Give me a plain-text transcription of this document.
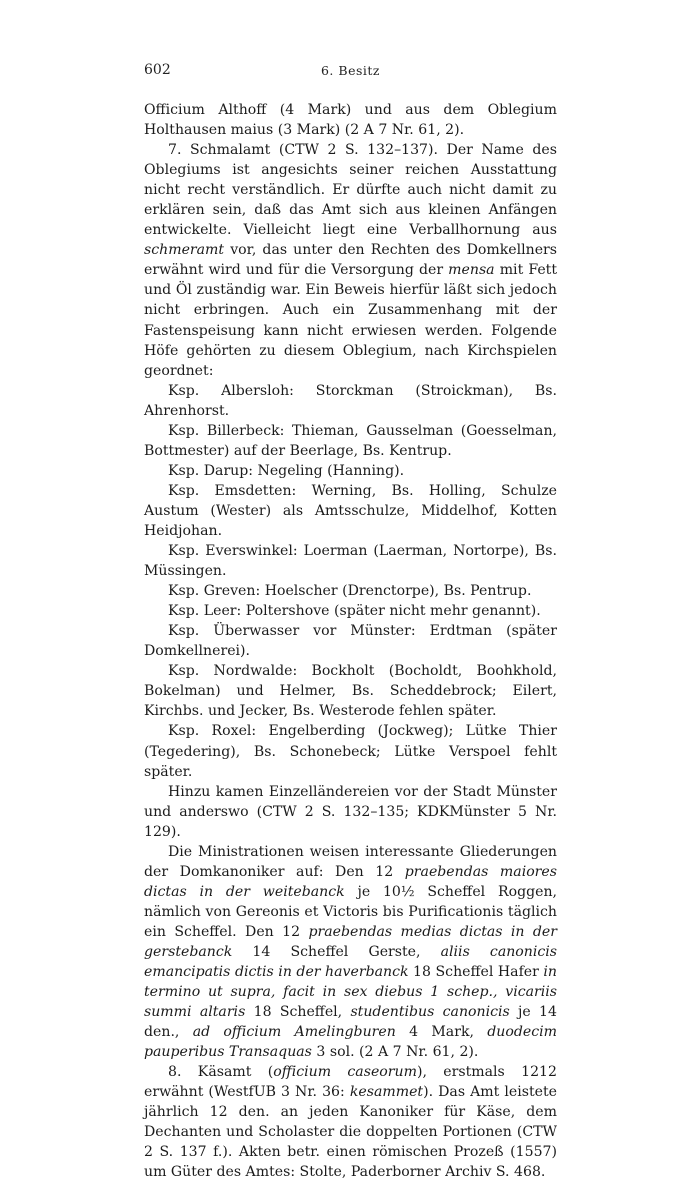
602	6. Besitz

Officium Althoff (4 Mark) und aus dem Oblegium Holthausen maius (3 Mark) (2 A 7 Nr. 61, 2).

7. Schmalamt (CTW 2 S. 132–137). Der Name des Oblegiums ist angesichts seiner reichen Ausstattung nicht recht verständlich. Er dürfte auch nicht damit zu erklären sein, daß das Amt sich aus kleinen Anfängen entwickelte. Vielleicht liegt eine Verballhornung aus schmeramt vor, das unter den Rechten des Domkellners erwähnt wird und für die Versorgung der mensa mit Fett und Öl zuständig war. Ein Beweis hierfür läßt sich jedoch nicht erbringen. Auch ein Zusammenhang mit der Fastenspeisung kann nicht erwiesen werden. Folgende Höfe gehörten zu diesem Oblegium, nach Kirchspielen geordnet:

Ksp. Albersloh: Storckman (Stroickman), Bs. Ahrenhorst.

Ksp. Billerbeck: Thieman, Gausselman (Goesselman, Bottmester) auf der Beerlage, Bs. Kentrup.

Ksp. Darup: Negeling (Hanning).

Ksp. Emsdetten: Werning, Bs. Holling, Schulze Austum (Wester) als Amtsschulze, Middelhof, Kotten Heidjohan.

Ksp. Everswinkel: Loerman (Laerman, Nortorpe), Bs. Müssingen.

Ksp. Greven: Hoelscher (Drenctorpe), Bs. Pentrup.

Ksp. Leer: Poltershove (später nicht mehr genannt).

Ksp. Überwasser vor Münster: Erdtman (später Domkellnerei).

Ksp. Nordwalde: Bockholt (Bocholdt, Boohkhold, Bokelman) und Helmer, Bs. Scheddebrock; Eilert, Kirchbs. und Jecker, Bs. Westerode fehlen später.

Ksp. Roxel: Engelberding (Jockweg); Lütke Thier (Tegedering), Bs. Schonebeck; Lütke Verspoel fehlt später.

Hinzu kamen Einzelländereien vor der Stadt Münster und anderswo (CTW 2 S. 132–135; KDKMünster 5 Nr. 129).

Die Ministrationen weisen interessante Gliederungen der Domkanoniker auf: Den 12 praebendas maiores dictas in der weitebanck je 10½ Scheffel Roggen, nämlich von Gereonis et Victoris bis Purificationis täglich ein Scheffel. Den 12 praebendas medias dictas in der gerstebanck 14 Scheffel Gerste, aliis canonicis emancipatis dictis in der haverbanck 18 Scheffel Hafer in termino ut supra, facit in sex diebus 1 schep., vicariis summi altaris 18 Scheffel, studentibus canonicis je 14 den., ad officium Amelingburen 4 Mark, duodecim pauperibus Transaquas 3 sol. (2 A 7 Nr. 61, 2).

8. Käsamt (officium caseorum), erstmals 1212 erwähnt (WestfUB 3 Nr. 36: kesammet). Das Amt leistete jährlich 12 den. an jeden Kanoniker für Käse, dem Dechanten und Scholaster die doppelten Portionen (CTW 2 S. 137 f.). Akten betr. einen römischen Prozeß (1557) um Güter des Amtes: Stolte, Paderborner Archiv S. 468.
